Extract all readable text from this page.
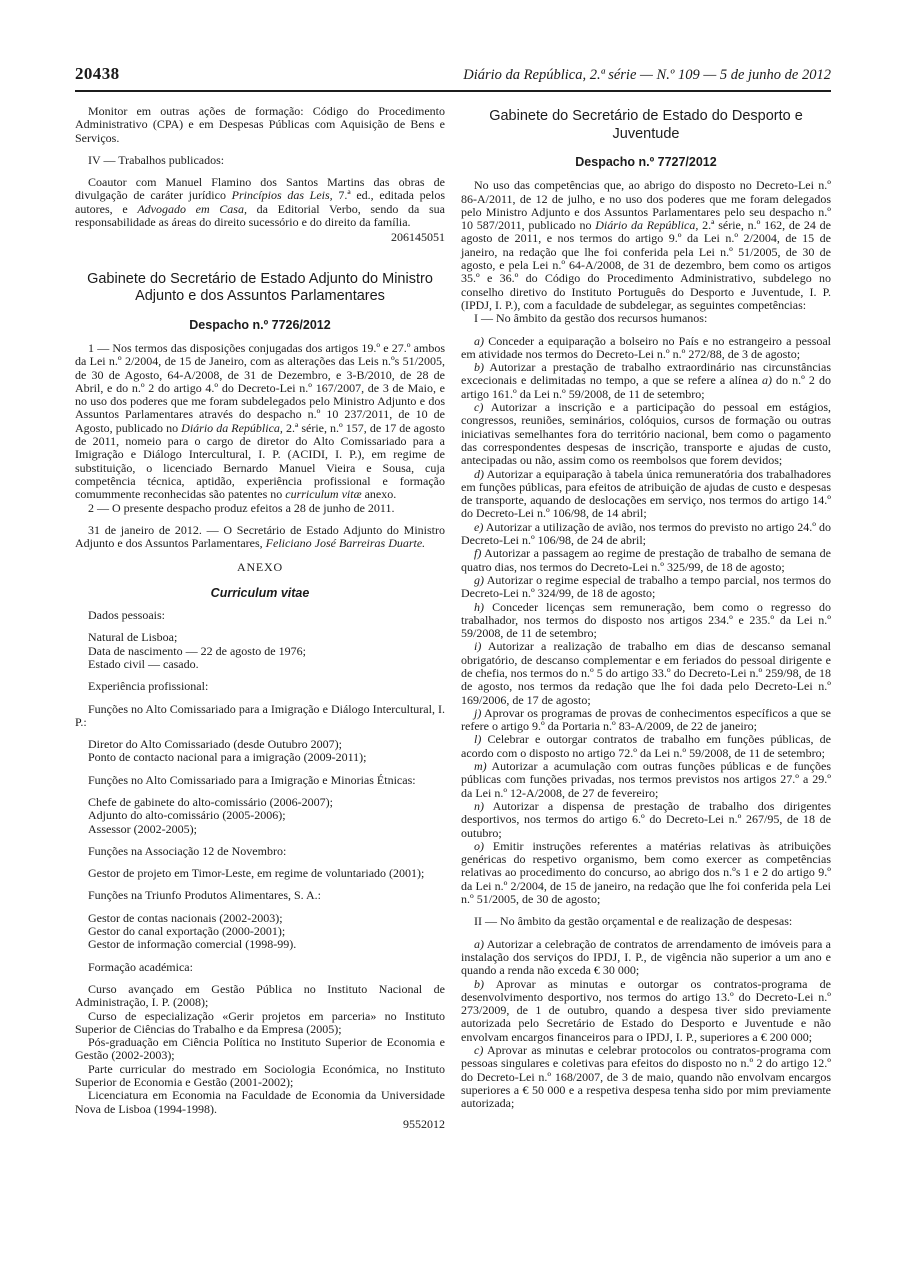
20438	Diário da República, 2.ª série — N.º 109 — 5 de junho de 2012

Monitor em outras ações de formação: Código do Procedimento Administrativo (CPA) e em Despesas Públicas com Aquisição de Bens e Serviços.

IV — Trabalhos publicados:

Coautor com Manuel Flamino dos Santos Martins das obras de divulgação de caráter jurídico Princípios das Leis, 7.ª ed., editada pelos autores, e Advogado em Casa, da Editorial Verbo, sendo da sua responsabilidade as áreas do direito sucessório e do direito da família.

206145051
Gabinete do Secretário de Estado Adjunto do Ministro Adjunto e dos Assuntos Parlamentares
Despacho n.º 7726/2012

1 — Nos termos das disposições conjugadas dos artigos 19.º e 27.º ambos da Lei n.º 2/2004, de 15 de Janeiro, com as alterações das Leis n.ºs 51/2005, de 30 de Agosto, 64-A/2008, de 31 de Dezembro, e 3-B/2010, de 28 de Abril, e do n.º 2 do artigo 4.º do Decreto-Lei n.º 167/2007, de 3 de Maio, e no uso dos poderes que me foram subdelegados pelo Ministro Adjunto e dos Assuntos Parlamentares através do despacho n.º 10 237/2011, de 10 de Agosto, publicado no Diário da República, 2.ª série, n.º 157, de 17 de agosto de 2011, nomeio para o cargo de diretor do Alto Comissariado para a Imigração e Diálogo Intercultural, I. P. (ACIDI, I. P.), em regime de substituição, o licenciado Bernardo Manuel Vieira e Sousa, cuja competência técnica, aptidão, experiência profissional e formação comummente reconhecidas são patentes no curriculum vitæ anexo.

2 — O presente despacho produz efeitos a 28 de junho de 2011.

31 de janeiro de 2012. — O Secretário de Estado Adjunto do Ministro Adjunto e dos Assuntos Parlamentares, Feliciano José Barreiras Duarte.

ANEXO
Curriculum vitae

Dados pessoais:

Natural de Lisboa;

Data de nascimento — 22 de agosto de 1976;

Estado civil — casado.

Experiência profissional:

Funções no Alto Comissariado para a Imigração e Diálogo Intercultural, I. P.:

Diretor do Alto Comissariado (desde Outubro 2007);

Ponto de contacto nacional para a imigração (2009-2011);

Funções no Alto Comissariado para a Imigração e Minorias Étnicas:

Chefe de gabinete do alto-comissário (2006-2007);

Adjunto do alto-comissário (2005-2006);

Assessor (2002-2005);

Funções na Associação 12 de Novembro:

Gestor de projeto em Timor-Leste, em regime de voluntariado (2001);

Funções na Triunfo Produtos Alimentares, S. A.:

Gestor de contas nacionais (2002-2003);

Gestor do canal exportação (2000-2001);

Gestor de informação comercial (1998-99).

Formação académica:

Curso avançado em Gestão Pública no Instituto Nacional de Administração, I. P. (2008);

Curso de especialização «Gerir projetos em parceria» no Instituto Superior de Ciências do Trabalho e da Empresa (2005);

Pós-graduação em Ciência Política no Instituto Superior de Economia e Gestão (2002-2003);

Parte curricular do mestrado em Sociologia Económica, no Instituto Superior de Economia e Gestão (2001-2002);

Licenciatura em Economia na Faculdade de Economia da Universidade Nova de Lisboa (1994-1998).

9552012
Gabinete do Secretário de Estado do Desporto e Juventude
Despacho n.º 7727/2012

No uso das competências que, ao abrigo do disposto no Decreto-Lei n.º 86-A/2011, de 12 de julho, e no uso dos poderes que me foram delegados pelo Ministro Adjunto e dos Assuntos Parlamentares pelo seu despacho n.º 10 587/2011, publicado no Diário da República, 2.ª série, n.º 162, de 24 de agosto de 2011, e nos termos do artigo 9.º da Lei n.º 2/2004, de 15 de janeiro, na redação que lhe foi conferida pela Lei n.º 51/2005, de 30 de agosto, e pela Lei n.º 64-A/2008, de 31 de dezembro, bem como os artigos 35.º e 36.º do Código do Procedimento Administrativo, subdelego no conselho diretivo do Instituto Português do Desporto e Juventude, I. P. (IPDJ, I. P.), com a faculdade de subdelegar, as seguintes competências:

I — No âmbito da gestão dos recursos humanos:

a) Conceder a equiparação a bolseiro no País e no estrangeiro a pessoal em atividade nos termos do Decreto-Lei n.º n.º 272/88, de 3 de agosto;

b) Autorizar a prestação de trabalho extraordinário nas circunstâncias excecionais e delimitadas no tempo, a que se refere a alínea a) do n.º 2 do artigo 161.º da Lei n.º 59/2008, de 11 de setembro;

c) Autorizar a inscrição e a participação do pessoal em estágios, congressos, reuniões, seminários, colóquios, cursos de formação ou outras iniciativas semelhantes fora do território nacional, bem como o pagamento das correspondentes despesas de inscrição, transporte e ajudas de custo, antecipadas ou não, assim como os reembolsos que forem devidos;

d) Autorizar a equiparação à tabela única remuneratória dos trabalhadores em funções públicas, para efeitos de atribuição de ajudas de custo e despesas de transporte, aquando de deslocações em serviço, nos termos do artigo 14.º do Decreto-Lei n.º 106/98, de 14 abril;

e) Autorizar a utilização de avião, nos termos do previsto no artigo 24.º do Decreto-Lei n.º 106/98, de 24 de abril;

f) Autorizar a passagem ao regime de prestação de trabalho de semana de quatro dias, nos termos do Decreto-Lei n.º 325/99, de 18 de agosto;

g) Autorizar o regime especial de trabalho a tempo parcial, nos termos do Decreto-Lei n.º 324/99, de 18 de agosto;

h) Conceder licenças sem remuneração, bem como o regresso do trabalhador, nos termos do disposto nos artigos 234.º e 235.º da Lei n.º 59/2008, de 11 de setembro;

i) Autorizar a realização de trabalho em dias de descanso semanal obrigatório, de descanso complementar e em feriados do pessoal dirigente e de chefia, nos termos do n.º 5 do artigo 33.º do Decreto-Lei n.º 259/98, de 18 de agosto, nos termos da redação que lhe foi dada pelo Decreto-Lei n.º 169/2006, de 17 de agosto;

j) Aprovar os programas de provas de conhecimentos específicos a que se refere o artigo 9.º da Portaria n.º 83-A/2009, de 22 de janeiro;

l) Celebrar e outorgar contratos de trabalho em funções públicas, de acordo com o disposto no artigo 72.º da Lei n.º 59/2008, de 11 de setembro;

m) Autorizar a acumulação com outras funções públicas e de funções públicas com funções privadas, nos termos previstos nos artigos 27.º a 29.º da Lei n.º 12-A/2008, de 27 de fevereiro;

n) Autorizar a dispensa de prestação de trabalho dos dirigentes desportivos, nos termos do artigo 6.º do Decreto-Lei n.º 267/95, de 18 de outubro;

o) Emitir instruções referentes a matérias relativas às atribuições genéricas do respetivo organismo, bem como exercer as competências relativas ao procedimento do concurso, ao abrigo dos n.ºs 1 e 2 do artigo 9.º da Lei n.º 2/2004, de 15 de janeiro, na redação que lhe foi conferida pela Lei n.º 51/2005, de 30 de agosto;

II — No âmbito da gestão orçamental e de realização de despesas:

a) Autorizar a celebração de contratos de arrendamento de imóveis para a instalação dos serviços do IPDJ, I. P., de vigência não superior a um ano e quando a renda não exceda € 30 000;

b) Aprovar as minutas e outorgar os contratos-programa de desenvolvimento desportivo, nos termos do artigo 13.º do Decreto-Lei n.º 273/2009, de 1 de outubro, quando a despesa tiver sido previamente autorizada pelo Secretário de Estado do Desporto e Juventude e não envolvam encargos financeiros para o IPDJ, I. P., superiores a € 200 000;

c) Aprovar as minutas e celebrar protocolos ou contratos-programa com pessoas singulares e coletivas para efeitos do disposto no n.º 2 do artigo 12.º do Decreto-Lei n.º 168/2007, de 3 de maio, quando não envolvam encargos superiores a € 50 000 e a respetiva despesa tenha sido por mim previamente autorizada;
